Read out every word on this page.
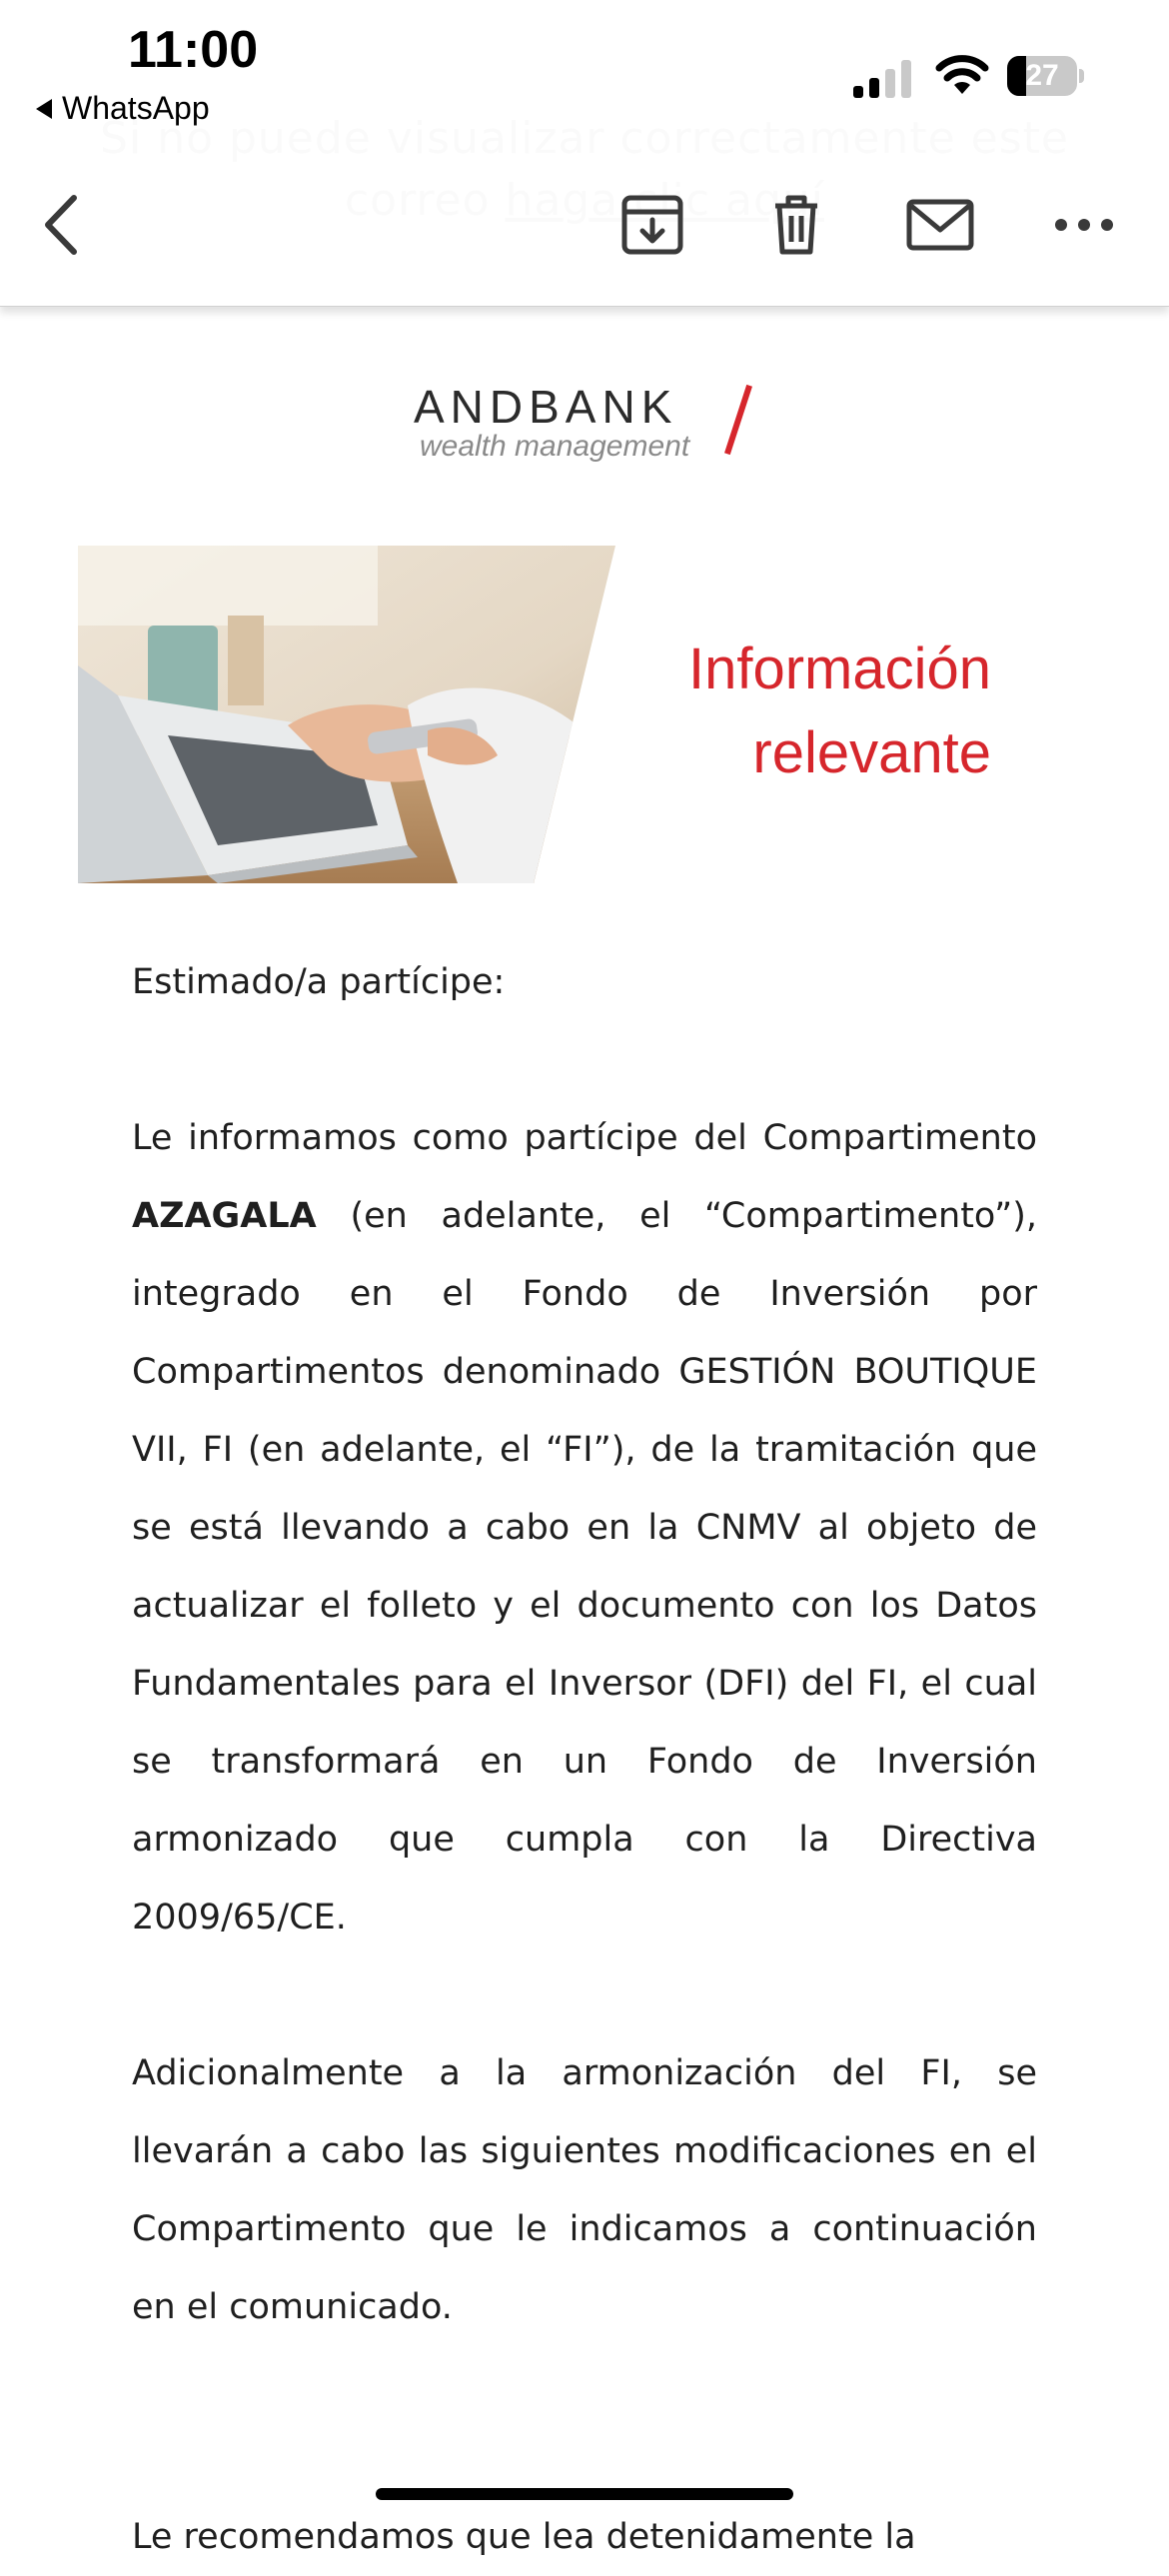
11:00
WhatsApp
27
ANDBANK
wealth management
Información
relevante

Estimado/a partícipe:

Le informamos como partícipe del Compartimento AZAGALA (en adelante, el “Compartimento”), integrado en el Fondo de Inversión por Compartimentos denominado GESTIÓN BOUTIQUE VII, FI (en adelante, el “FI”), de la tramitación que se está llevando a cabo en la CNMV al objeto de actualizar el folleto y el documento con los Datos Fundamentales para el Inversor (DFI) del FI, el cual se transformará en un Fondo de Inversión armonizado que cumpla con la Directiva 2009/65/CE.

Adicionalmente a la armonización del FI, se llevarán a cabo las siguientes modificaciones en el Compartimento que le indicamos a continuación en el comunicado.

Le recomendamos que lea detenidamente la
